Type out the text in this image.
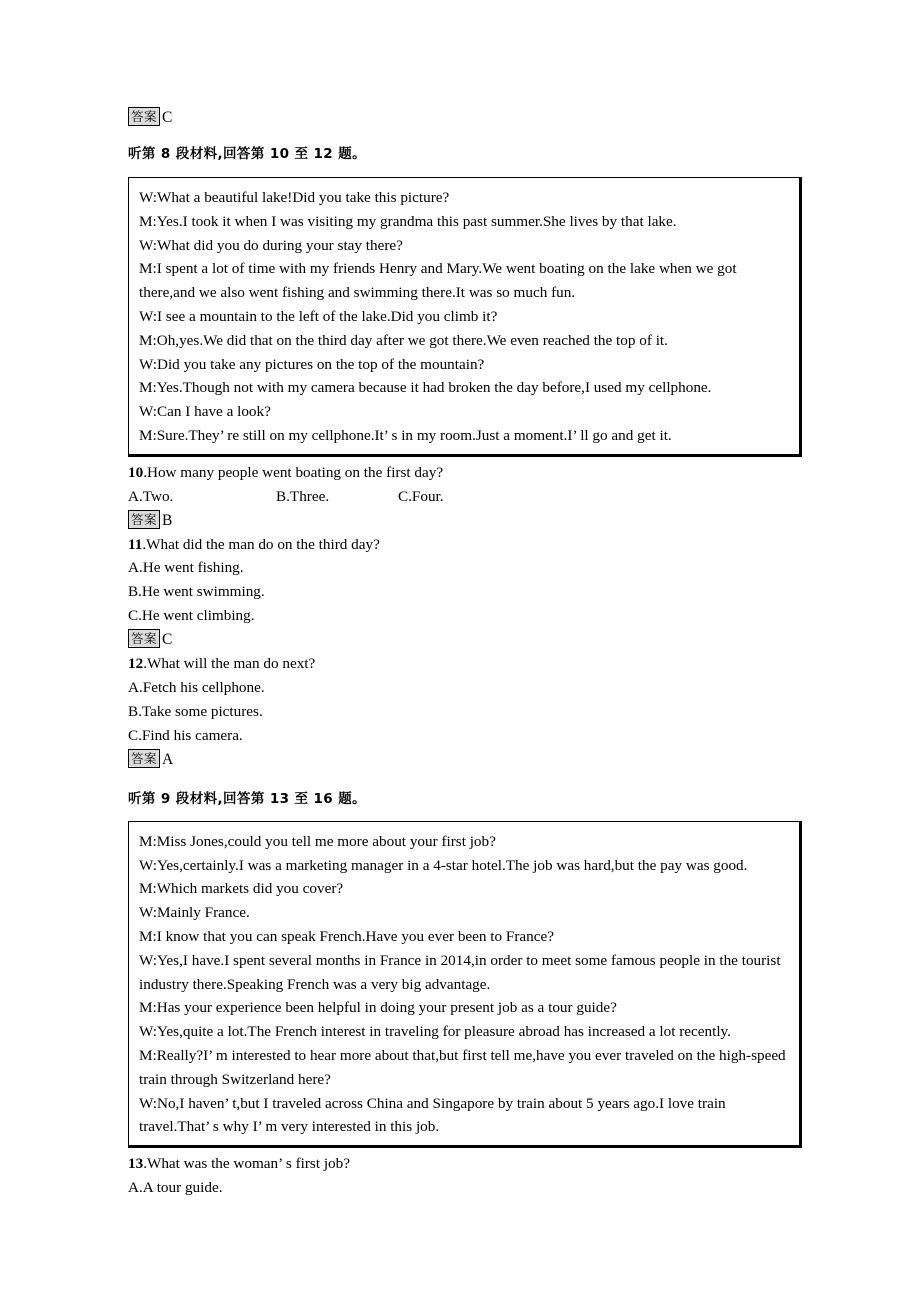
答案 C
听第 8 段材料,回答第 10 至 12 题。
W:What a beautiful lake!Did you take this picture?
M:Yes.I took it when I was visiting my grandma this past summer.She lives by that lake.
W:What did you do during your stay there?
M:I spent a lot of time with my friends Henry and Mary.We went boating on the lake when we got there,and we also went fishing and swimming there.It was so much fun.
W:I see a mountain to the left of the lake.Did you climb it?
M:Oh,yes.We did that on the third day after we got there.We even reached the top of it.
W:Did you take any pictures on the top of the mountain?
M:Yes.Though not with my camera because it had broken the day before,I used my cellphone.
W:Can I have a look?
M:Sure.They’ re still on my cellphone.It’ s in my room.Just a moment.I’ ll go and get it.
10.How many people went boating on the first day?
A.Two.	B.Three.	C.Four.
答案 B
11.What did the man do on the third day?
A.He went fishing.
B.He went swimming.
C.He went climbing.
答案 C
12.What will the man do next?
A.Fetch his cellphone.
B.Take some pictures.
C.Find his camera.
答案 A
听第 9 段材料,回答第 13 至 16 题。
M:Miss Jones,could you tell me more about your first job?
W:Yes,certainly.I was a marketing manager in a 4-star hotel.The job was hard,but the pay was good.
M:Which markets did you cover?
W:Mainly France.
M:I know that you can speak French.Have you ever been to France?
W:Yes,I have.I spent several months in France in 2014,in order to meet some famous people in the tourist industry there.Speaking French was a very big advantage.
M:Has your experience been helpful in doing your present job as a tour guide?
W:Yes,quite a lot.The French interest in traveling for pleasure abroad has increased a lot recently.
M:Really?I’ m interested to hear more about that,but first tell me,have you ever traveled on the high-speed train through Switzerland here?
W:No,I haven’ t,but I traveled across China and Singapore by train about 5 years ago.I love train travel.That’ s why I’ m very interested in this job.
13.What was the woman’ s first job?
A.A tour guide.
